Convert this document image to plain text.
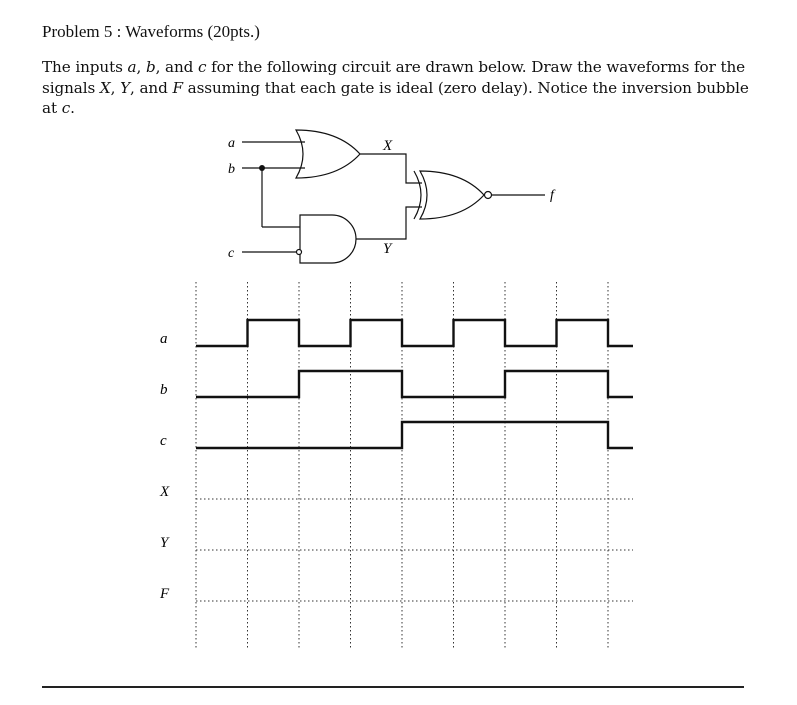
Problem 5 : Waveforms (20pts.)
The inputs a, b, and c for the following circuit are drawn below. Draw the waveforms for the signals X, Y, and F assuming that each gate is ideal (zero delay). Notice the inversion bubble at c.
a
b
c
X
Y
f
a
b
c
X
Y
F
